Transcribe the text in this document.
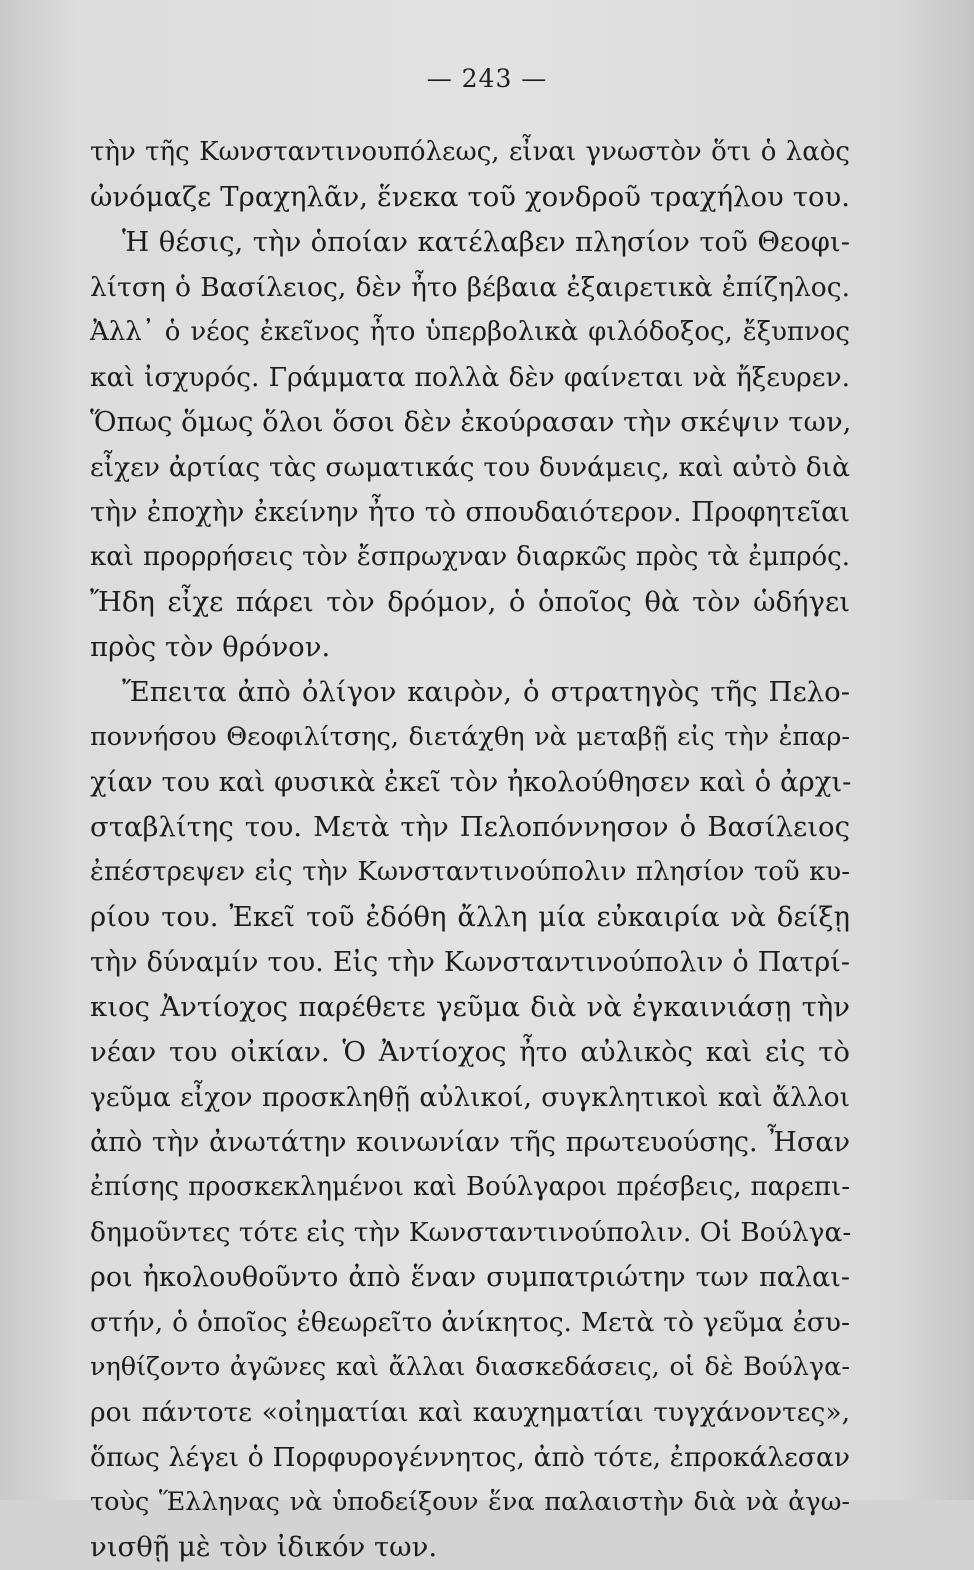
— 243 —
τὴν τῆς Κωνσταντινουπόλεως, εἶναι γνωστὸν ὅτι ὁ λαὸς
ὠνόμαζε Τραχηλᾶν, ἕνεκα τοῦ χονδροῦ τραχήλου του.
Ἡ θέσις, τὴν ὁποίαν κατέλαβεν πλησίον τοῦ Θεοφι-
λίτση ὁ Βασίλειος, δὲν ἦτο βέβαια ἐξαιρετικὰ ἐπίζηλος.
Ἀλλ᾿ ὁ νέος ἐκεῖνος ἦτο ὑπερβολικὰ φιλόδοξος, ἔξυπνος
καὶ ἰσχυρός. Γράμματα πολλὰ δὲν φαίνεται νὰ ἤξευρεν.
Ὅπως ὅμως ὅλοι ὅσοι δὲν ἐκούρασαν τὴν σκέψιν των,
εἶχεν ἀρτίας τὰς σωματικάς του δυνάμεις, καὶ αὐτὸ διὰ
τὴν ἐποχὴν ἐκείνην ἦτο τὸ σπουδαιότερον. Προφητεῖαι
καὶ προρρήσεις τὸν ἔσπρωχναν διαρκῶς πρὸς τὰ ἐμπρός.
Ἤδη εἶχε πάρει τὸν δρόμον, ὁ ὁποῖος θὰ τὸν ὡδήγει
πρὸς τὸν θρόνον.
Ἔπειτα ἀπὸ ὀλίγον καιρὸν, ὁ στρατηγὸς τῆς Πελο-
ποννήσου Θεοφιλίτσης, διετάχθη νὰ μεταβῇ εἰς τὴν ἐπαρ-
χίαν του καὶ φυσικὰ ἐκεῖ τὸν ἠκολούθησεν καὶ ὁ ἀρχι-
σταβλίτης του. Μετὰ τὴν Πελοπόννησον ὁ Βασίλειος
ἐπέστρεψεν εἰς τὴν Κωνσταντινούπολιν πλησίον τοῦ κυ-
ρίου του. Ἐκεῖ τοῦ ἐδόθη ἄλλη μία εὐκαιρία νὰ δείξῃ
τὴν δύναμίν του. Εἰς τὴν Κωνσταντινούπολιν ὁ Πατρί-
κιος Ἀντίοχος παρέθετε γεῦμα διὰ νὰ ἐγκαινιάσῃ τὴν
νέαν του οἰκίαν. Ὁ Ἀντίοχος ἦτο αὐλικὸς καὶ εἰς τὸ
γεῦμα εἶχον προσκληθῇ αὐλικοί, συγκλητικοὶ καὶ ἄλλοι
ἀπὸ τὴν ἀνωτάτην κοινωνίαν τῆς πρωτευούσης. Ἦσαν
ἐπίσης προσκεκλημένοι καὶ Βούλγαροι πρέσβεις, παρεπι-
δημοῦντες τότε εἰς τὴν Κωνσταντινούπολιν. Οἱ Βούλγα-
ροι ἠκολουθοῦντο ἀπὸ ἕναν συμπατριώτην των παλαι-
στήν, ὁ ὁποῖος ἐθεωρεῖτο ἀνίκητος. Μετὰ τὸ γεῦμα ἐσυ-
νηθίζοντο ἀγῶνες καὶ ἄλλαι διασκεδάσεις, οἱ δὲ Βούλγα-
ροι πάντοτε «οἰηματίαι καὶ καυχηματίαι τυγχάνοντες»,
ὅπως λέγει ὁ Πορφυρογέννητος, ἀπὸ τότε, ἐπροκάλεσαν
τοὺς Ἕλληνας νὰ ὑποδείξουν ἕνα παλαιστὴν διὰ νὰ ἀγω-
νισθῇ μὲ τὸν ἰδικόν των.
